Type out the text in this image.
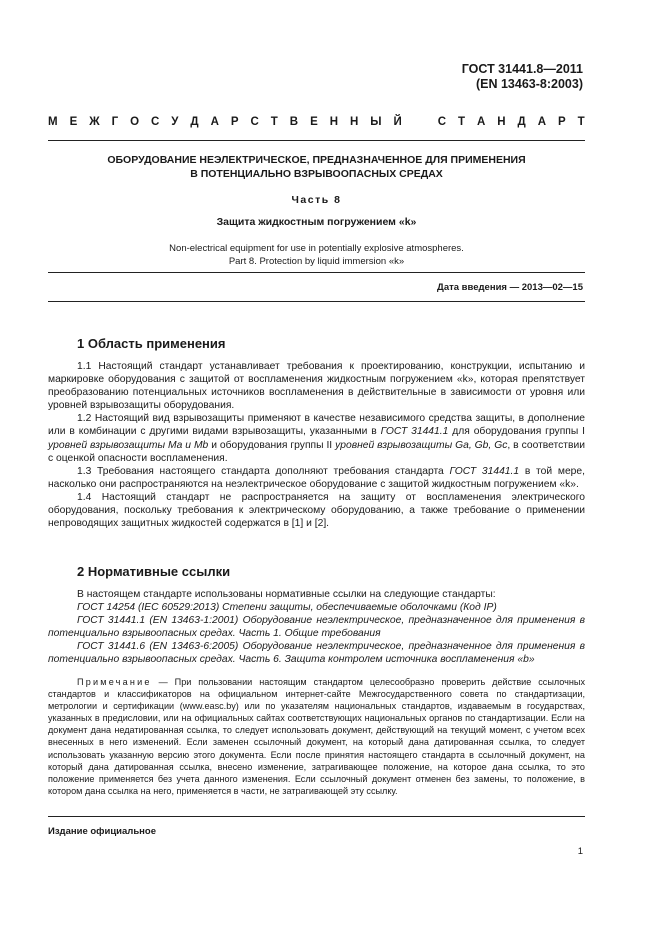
ГОСТ 31441.8—2011
(EN 13463-8:2003)
М Е Ж Г О С У Д А Р С Т В Е Н Н Ы Й	С Т А Н Д А Р Т
ОБОРУДОВАНИЕ НЕЭЛЕКТРИЧЕСКОЕ, ПРЕДНАЗНАЧЕННОЕ ДЛЯ ПРИМЕНЕНИЯ
В ПОТЕНЦИАЛЬНО ВЗРЫВООПАСНЫХ СРЕДАХ
Часть 8
Защита жидкостным погружением «k»
Non-electrical equipment for use in potentially explosive atmospheres.
Part 8. Protection by liquid immersion «k»
Дата введения — 2013—02—15
1 Область применения

1.1 Настоящий стандарт устанавливает требования к проектированию, конструкции, испытанию и маркировке оборудования с защитой от воспламенения жидкостным погружением «k», которая препятствует преобразованию потенциальных источников воспламенения в действительные в зависимости от уровня или уровней взрывозащиты оборудования.

1.2 Настоящий вид взрывозащиты применяют в качестве независимого средства защиты, в дополнение или в комбинации с другими видами взрывозащиты, указанными в ГОСТ 31441.1 для оборудования группы I уровней взрывозащиты Ma и Mb и оборудования группы II уровней взрывозащиты Ga, Gb, Gc, в соответствии с оценкой опасности воспламенения.

1.3 Требования настоящего стандарта дополняют требования стандарта ГОСТ 31441.1 в той мере, насколько они распространяются на неэлектрическое оборудование с защитой жидкостным погружением «k».

1.4 Настоящий стандарт не распространяется на защиту от воспламенения электрического оборудования, поскольку требования к электрическому оборудованию, а также требование о применении непроводящих защитных жидкостей содержатся в [1] и [2].

2 Нормативные ссылки

В настоящем стандарте использованы нормативные ссылки на следующие стандарты:

ГОСТ 14254 (IEC 60529:2013) Степени защиты, обеспечиваемые оболочками (Код IP)

ГОСТ 31441.1 (EN 13463-1:2001) Оборудование неэлектрическое, предназначенное для применения в потенциально взрывоопасных средах. Часть 1. Общие требования

ГОСТ 31441.6 (EN 13463-6:2005) Оборудование неэлектрическое, предназначенное для применения в потенциально взрывоопасных средах. Часть 6. Защита контролем источника воспламенения «b»

Примечание — При пользовании настоящим стандартом целесообразно проверить действие ссылочных стандартов и классификаторов на официальном интернет-сайте Межгосударственного совета по стандартизации, метрологии и сертификации (www.easc.by) или по указателям национальных стандартов, издаваемым в государствах, указанных в предисловии, или на официальных сайтах соответствующих национальных органов по стандартизации. Если на документ дана недатированная ссылка, то следует использовать документ, действующий на текущий момент, с учетом всех внесенных в него изменений. Если заменен ссылочный документ, на который дана датированная ссылка, то следует использовать указанную версию этого документа. Если после принятия настоящего стандарта в ссылочный документ, на который дана датированная ссылка, внесено изменение, затрагивающее положение, на которое дана ссылка, то это положение применяется без учета данного изменения. Если ссылочный документ отменен без замены, то положение, в котором дана ссылка на него, применяется в части, не затрагивающей эту ссылку.

Издание официальное
1
